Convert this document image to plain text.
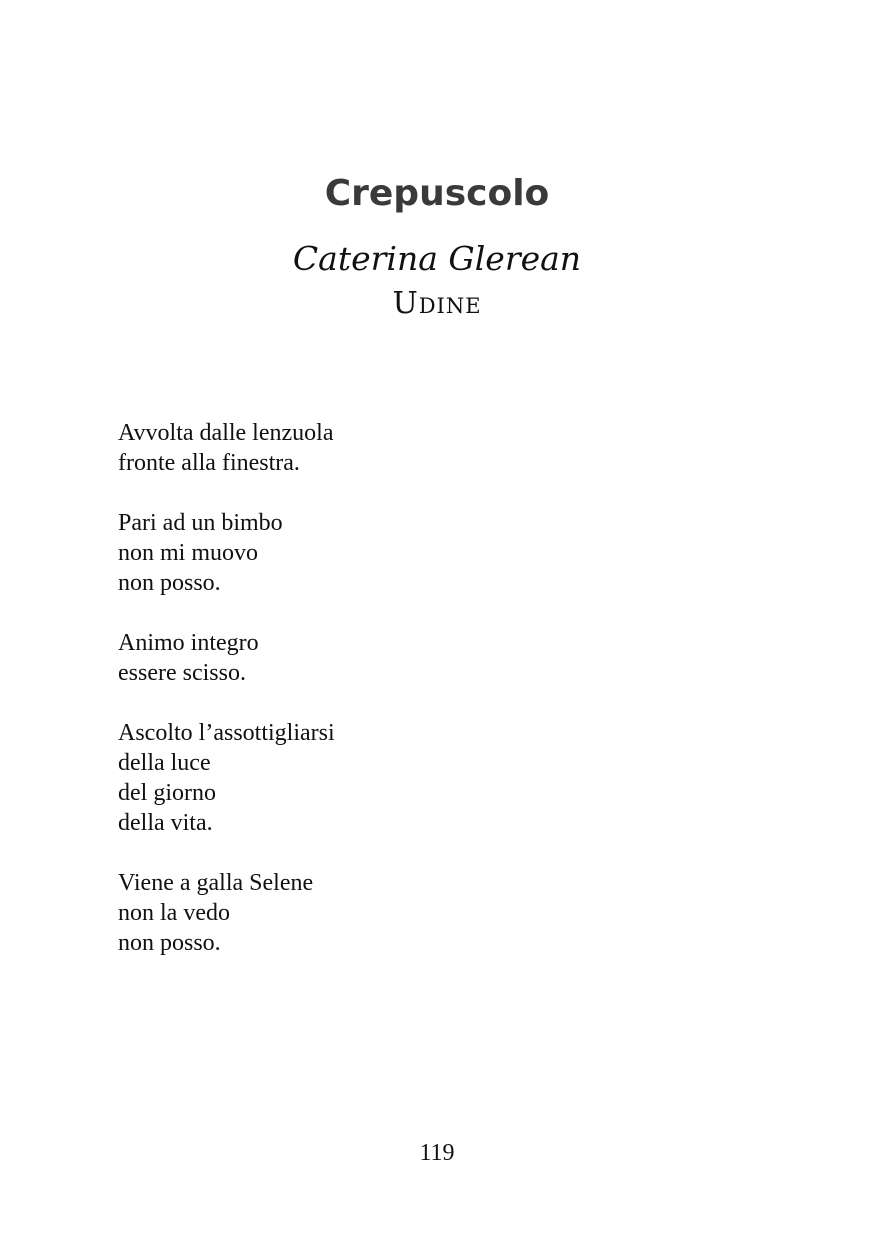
Crepuscolo
Caterina Glerean
Udine
Avvolta dalle lenzuola
fronte alla finestra.
Pari ad un bimbo
non mi muovo
non posso.
Animo integro
essere scisso.
Ascolto l’assottigliarsi
della luce
del giorno
della vita.
Viene a galla Selene
non la vedo
non posso.
119
